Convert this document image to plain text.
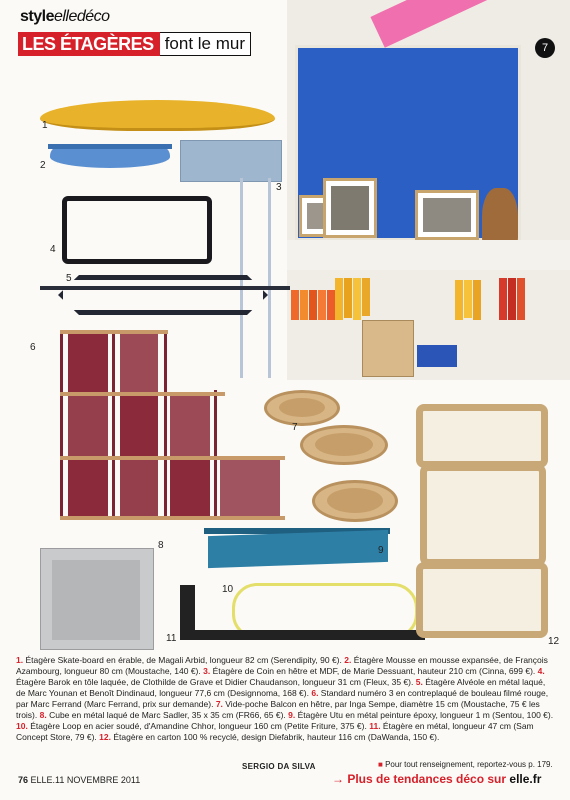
styleelledéco
LES ÉTAGÈRES font le mur	7
1
2
3
4
5
6
7
8	9
10
11	12
1. Étagère Skate-board en érable, de Magali Arbid, longueur 82 cm (Serendipity, 90 €). 2. Étagère Mousse en mousse expansée, de François Azambourg, longueur 80 cm (Moustache, 140 €). 3. Étagère de Coin en hêtre et MDF, de Marie Dessuant, hauteur 210 cm (Cinna, 699 €). 4. Étagère Barok en tôle laquée, de Clothilde de Grave et Didier Chaudanson, longueur 31 cm (Fleux, 35 €). 5. Étagère Alvéole en métal laqué, de Marc Younan et Benoît Dindinaud, longueur 77,6 cm (Designnoma, 168 €). 6. Standard numéro 3 en contreplaqué de bouleau filmé rouge, par Marc Ferrand (Marc Ferrand, prix sur demande). 7. Vide-poche Balcon en hêtre, par Inga Sempe, diamètre 15 cm (Moustache, 75 € les trois). 8. Cube en métal laqué de Marc Sadler, 35 x 35 cm (FR66, 65 €). 9. Étagère Utu en métal peinture époxy, longueur 1 m (Sentou, 100 €). 10. Étagère Loop en acier soudé, d'Amandine Chhor, longueur 160 cm (Petite Friture, 375 €). 11. Étagère en métal, longueur 47 cm (Sam Concept Store, 79 €). 12. Étagère en carton 100 % recyclé, design Diefabrik, hauteur 116 cm (DaWanda, 150 €).
SERGIO DA SILVA	■ Pour tout renseignement, reportez-vous p. 179.
76 ELLE.11 NOVEMBRE 2011	→ Plus de tendances déco sur elle.fr
